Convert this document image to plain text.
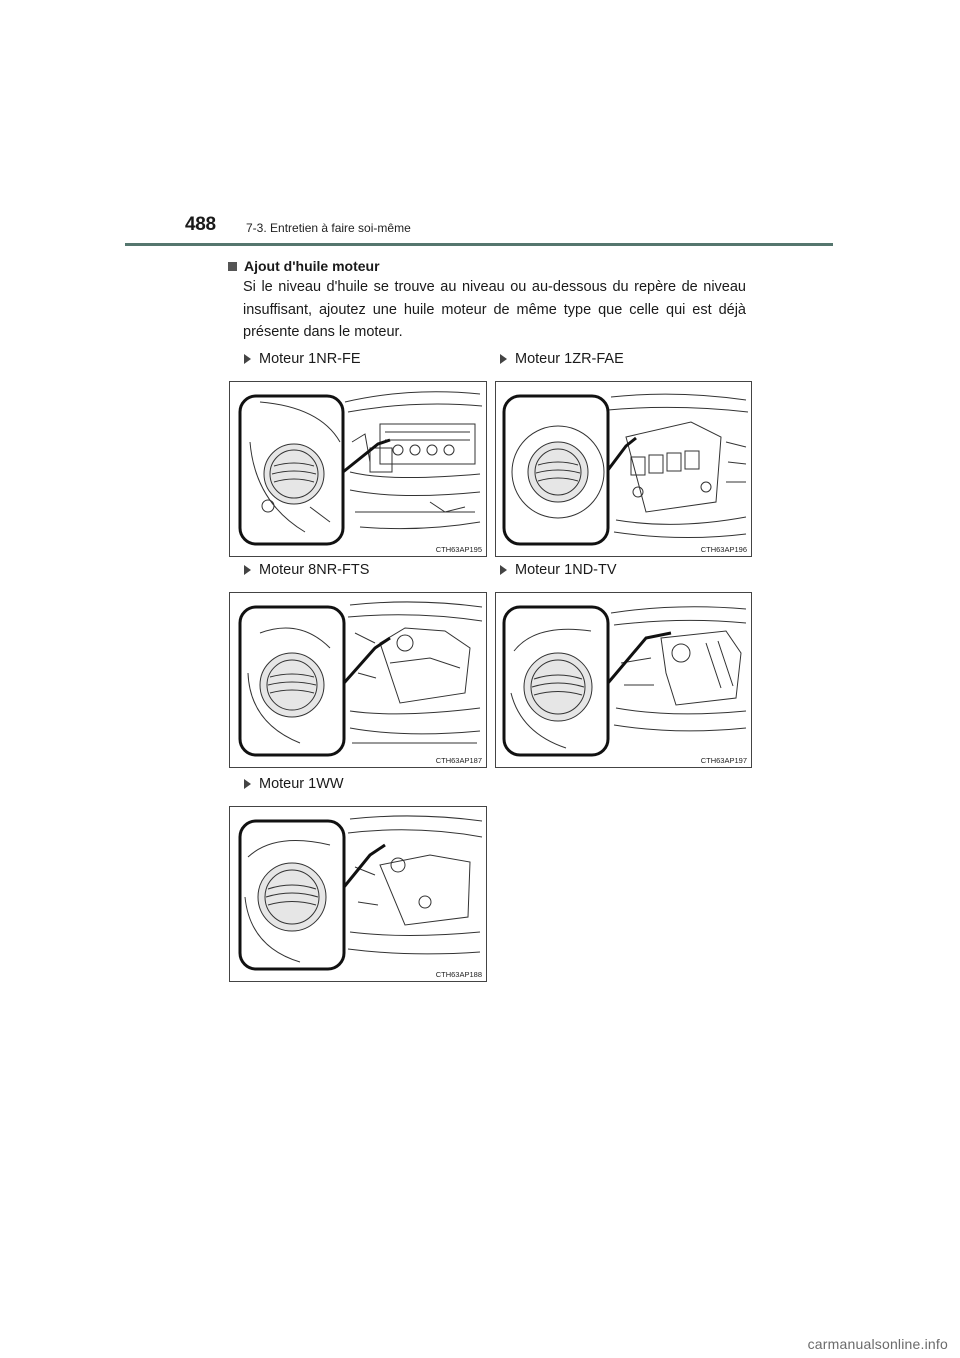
488	7-3. Entretien à faire soi-même
Ajout d'huile moteur
Si le niveau d'huile se trouve au niveau ou au-dessous du repère de niveau insuffisant, ajoutez une huile moteur de même type que celle qui est déjà présente dans le moteur.
Moteur 1NR-FE	Moteur 1ZR-FAE
Moteur 8NR-FTS	Moteur 1ND-TV
Moteur 1WW
CTH63AP195	CTH63AP196
CTH63AP187	CTH63AP197
CTH63AP188
carmanualsonline.info
